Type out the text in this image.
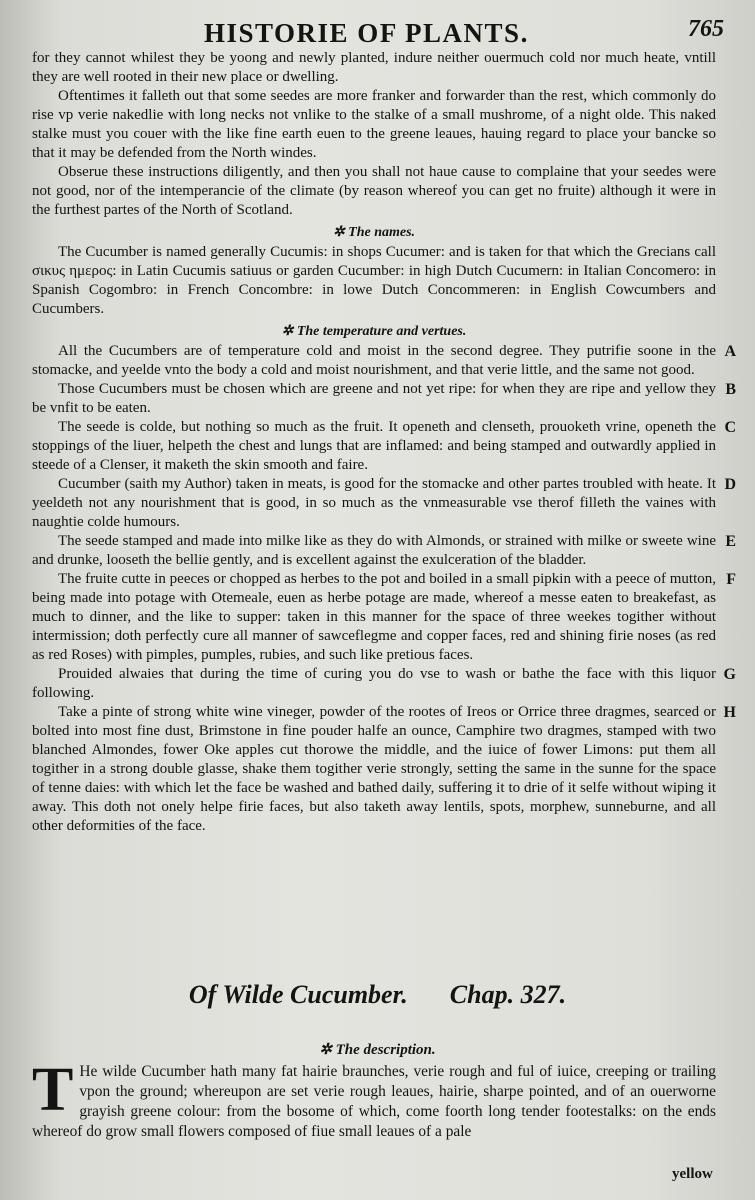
HISTORIE OF PLANTS.	765

for they cannot whilest they be yoong and newly planted, indure neither ouermuch cold nor much heate, vntill they are well rooted in their new place or dwelling.

Oftentimes it falleth out that some seedes are more franker and forwarder than the rest, which commonly do rise vp verie nakedlie with long necks not vnlike to the stalke of a small mushrome, of a night olde. This naked stalke must you couer with the like fine earth euen to the greene leaues, hauing regard to place your bancke so that it may be defended from the North windes.

Obserue these instructions diligently, and then you shall not haue cause to complaine that your seedes were not good, nor of the intemperancie of the climate (by reason whereof you can get no fruite) although it were in the furthest partes of the North of Scotland.

✲ The names.

The Cucumber is named generally Cucumis: in shops Cucumer: and is taken for that which the Grecians call σικυς ημερος: in Latin Cucumis satiuus or garden Cucumber: in high Dutch Cucumern: in Italian Concomero: in Spanish Cogombro: in French Concombre: in lowe Dutch Concommeren: in English Cowcumbers and Cucumbers.

✲ The temperature and vertues.

All the Cucumbers are of temperature cold and moist in the second degree. They putrifie soone in the stomacke, and yeelde vnto the body a cold and moist nourishment, and that verie little, and the same not good.
A

Those Cucumbers must be chosen which are greene and not yet ripe: for when they are ripe and yellow they be vnfit to be eaten.
B

The seede is colde, but nothing so much as the fruit. It openeth and clenseth, prouoketh vrine, openeth the stoppings of the liuer, helpeth the chest and lungs that are inflamed: and being stamped and outwardly applied in steede of a Clenser, it maketh the skin smooth and faire.
C

Cucumber (saith my Author) taken in meats, is good for the stomacke and other partes troubled with heate. It yeeldeth not any nourishment that is good, in so much as the vnmeasurable vse therof filleth the vaines with naughtie colde humours.
D

The seede stamped and made into milke like as they do with Almonds, or strained with milke or sweete wine and drunke, looseth the bellie gently, and is excellent against the exulceration of the bladder.
E

The fruite cutte in peeces or chopped as herbes to the pot and boiled in a small pipkin with a peece of mutton, being made into potage with Otemeale, euen as herbe potage are made, whereof a messe eaten to breakefast, as much to dinner, and the like to supper: taken in this manner for the space of three weekes togither without intermission; doth perfectly cure all manner of sawceflegme and copper faces, red and shining firie noses (as red as red Roses) with pimples, pumples, rubies, and such like pretious faces.
F

Prouided alwaies that during the time of curing you do vse to wash or bathe the face with this liquor following.
G

Take a pinte of strong white wine vineger, powder of the rootes of Ireos or Orrice three dragmes, searced or bolted into most fine dust, Brimstone in fine pouder halfe an ounce, Camphire two dragmes, stamped with two blanched Almondes, fower Oke apples cut thorowe the middle, and the iuice of fower Limons: put them all togither in a strong double glasse, shake them togither verie strongly, setting the same in the sunne for the space of tenne daies: with which let the face be washed and bathed daily, suffering it to drie of it selfe without wiping it away. This doth not onely helpe firie faces, but also taketh away lentils, spots, morphew, sunneburne, and all other deformities of the face.
H

Of Wilde Cucumber. Chap. 327.
✲ The description.
T He wilde Cucumber hath many fat hairie braunches, verie rough and ful of iuice, creeping or trailing vpon the ground; whereupon are set verie rough leaues, hairie, sharpe pointed, and of an ouerworne grayish greene colour: from the bosome of which, come foorth long tender footestalks: on the ends whereof do grow small flowers composed of fiue small leaues of a pale
yellow
